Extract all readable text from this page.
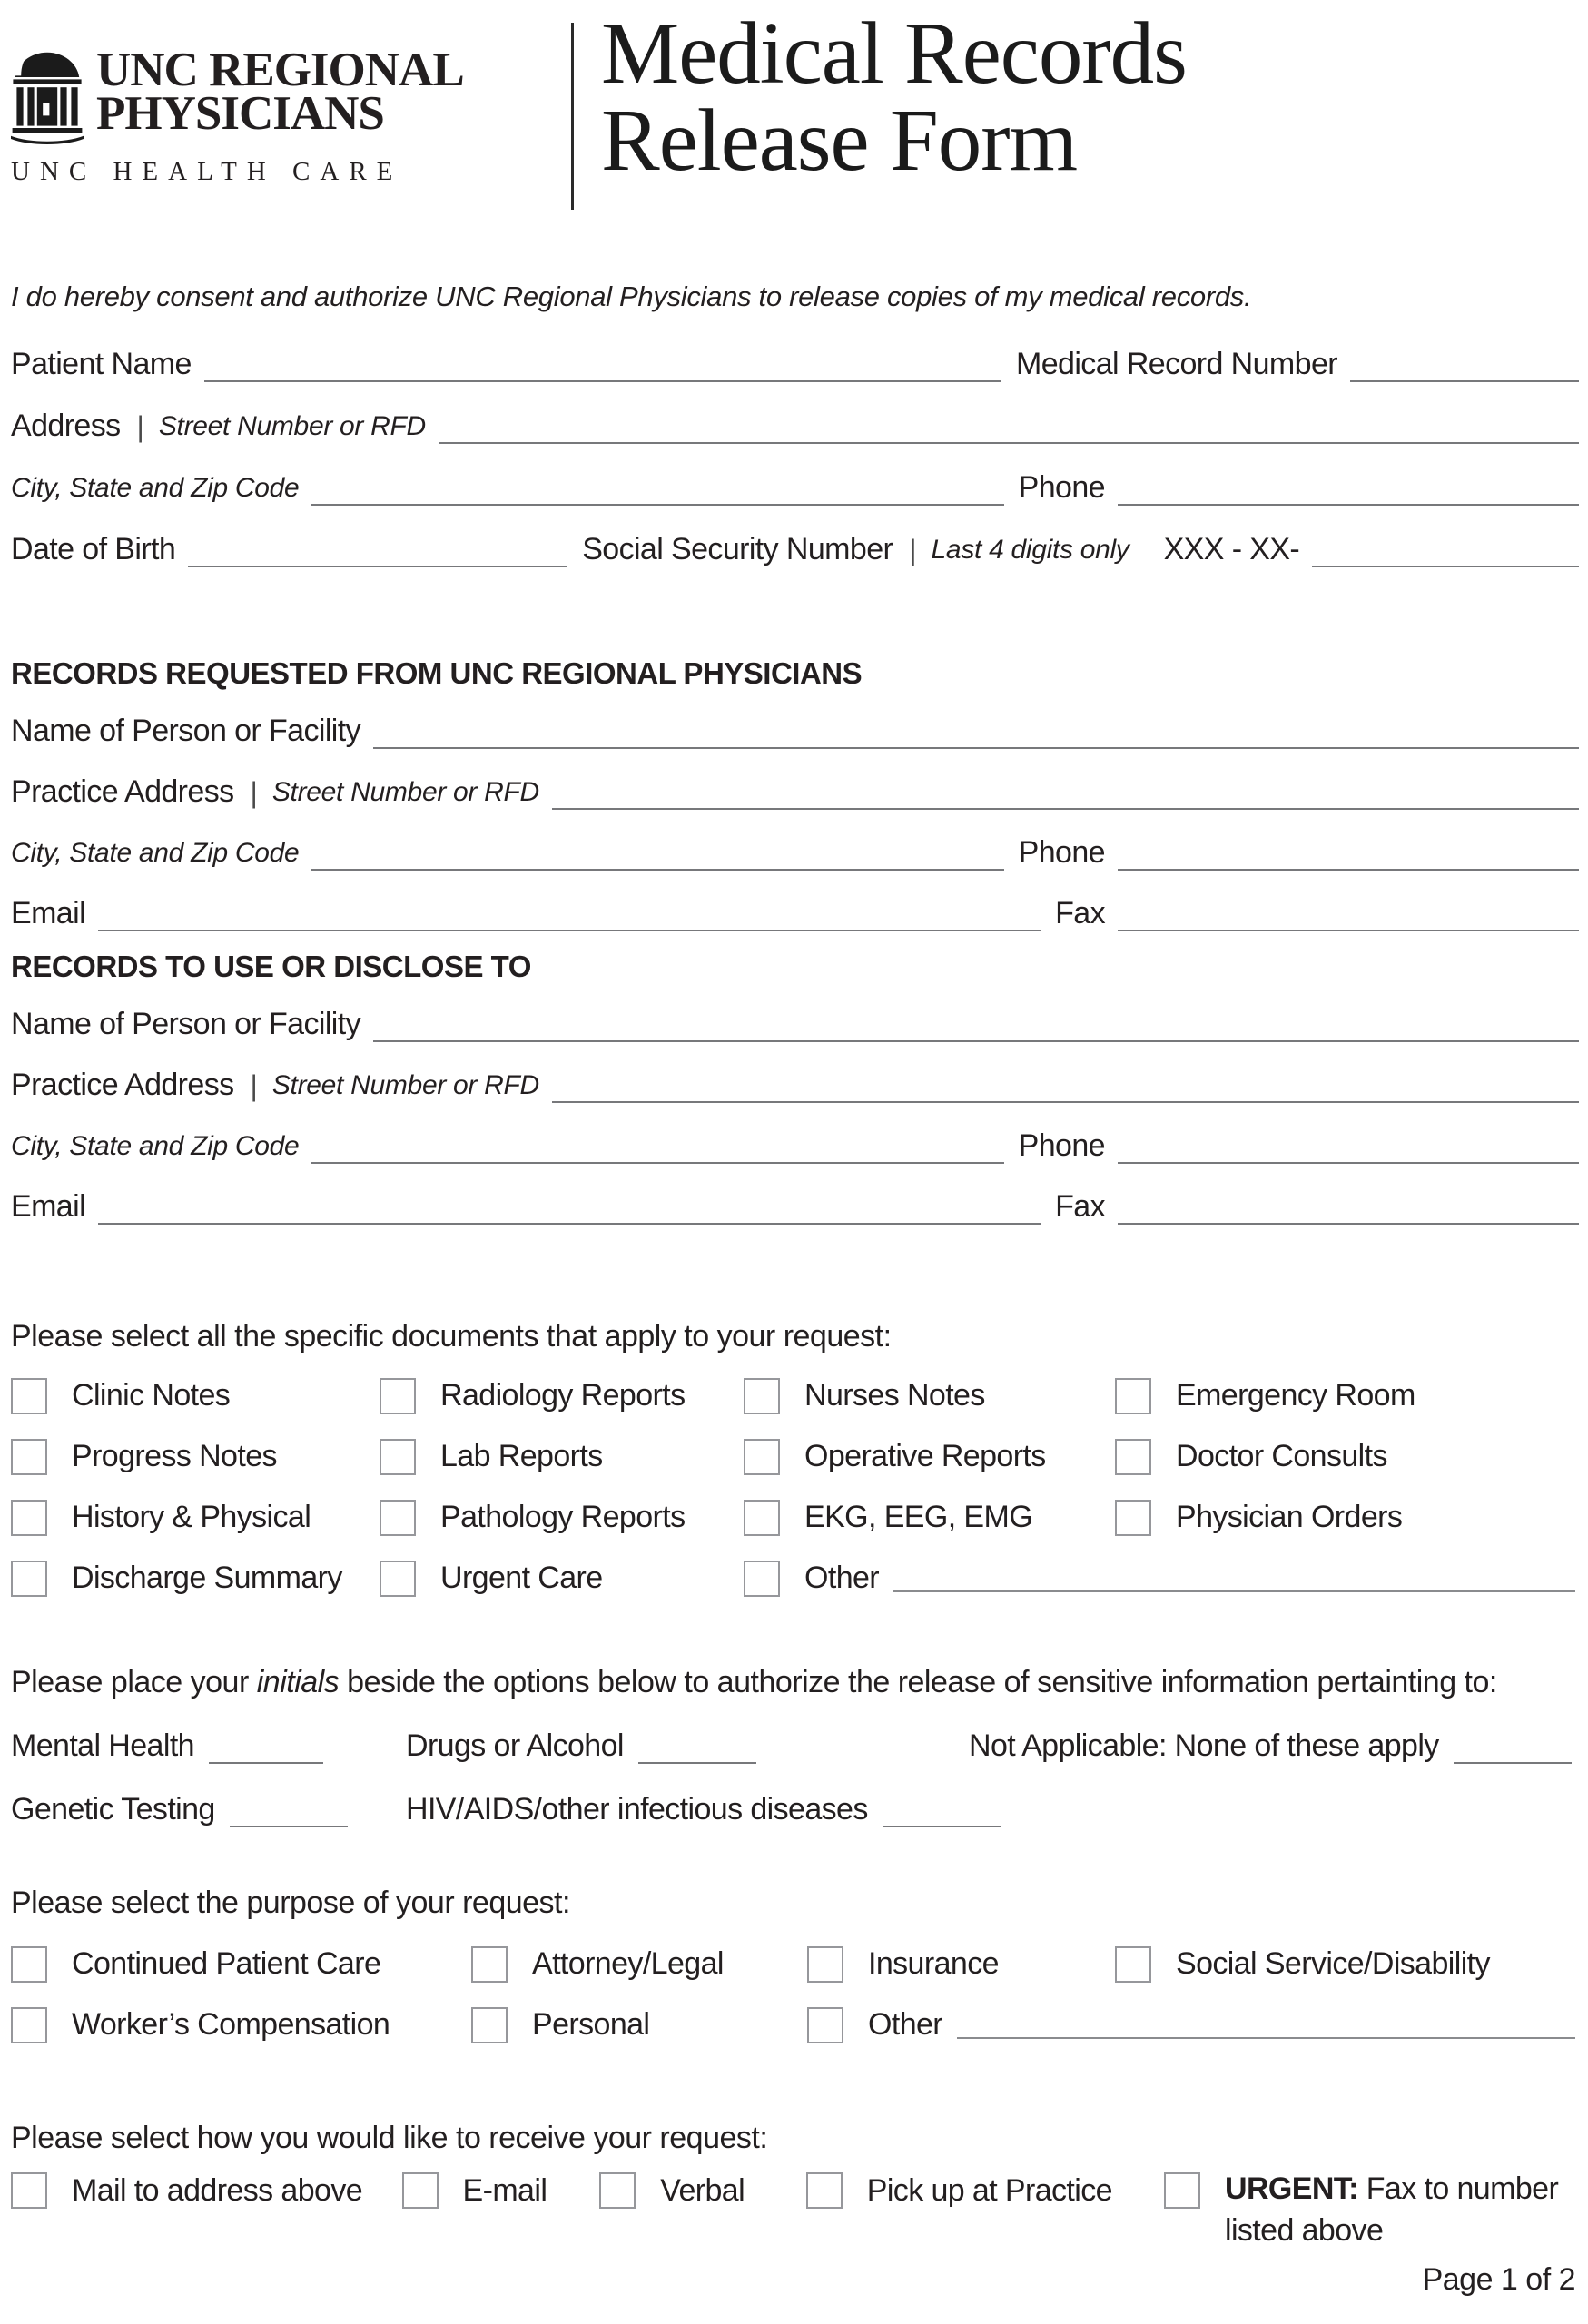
UNC REGIONAL
PHYSICIANS
UNC HEALTH CARE
Medical Records
Release Form
I do hereby consent and authorize UNC Regional Physicians to release copies of my medical records.
Patient Name	Medical Record Number
Address | Street Number or RFD
City, State and Zip Code	Phone
Date of Birth	Social Security Number | Last 4 digits only XXX - XX-
RECORDS REQUESTED FROM UNC REGIONAL PHYSICIANS
Name of Person or Facility
Practice Address | Street Number or RFD
City, State and Zip Code	Phone
Email	Fax
RECORDS TO USE OR DISCLOSE TO
Name of Person or Facility
Practice Address | Street Number or RFD
City, State and Zip Code	Phone
Email	Fax
Please select all the specific documents that apply to your request:
Clinic Notes	Radiology Reports	Nurses Notes	Emergency Room
Progress Notes	Lab Reports	Operative Reports	Doctor Consults
History & Physical	Pathology Reports	EKG, EEG, EMG	Physician Orders
Discharge Summary	Urgent Care	Other
Please place your initials beside the options below to authorize the release of sensitive information pertainting to:
Mental Health	Drugs or Alcohol	Not Applicable: None of these apply
Genetic Testing	HIV/AIDS/other infectious diseases
Please select the purpose of your request:
Continued Patient Care	Attorney/Legal	Insurance	Social Service/Disability
Worker’s Compensation	Personal	Other
Please select how you would like to receive your request:
Mail to address above	E-mail	Verbal	Pick up at Practice	URGENT: Fax to number listed above
Page 1 of 2
